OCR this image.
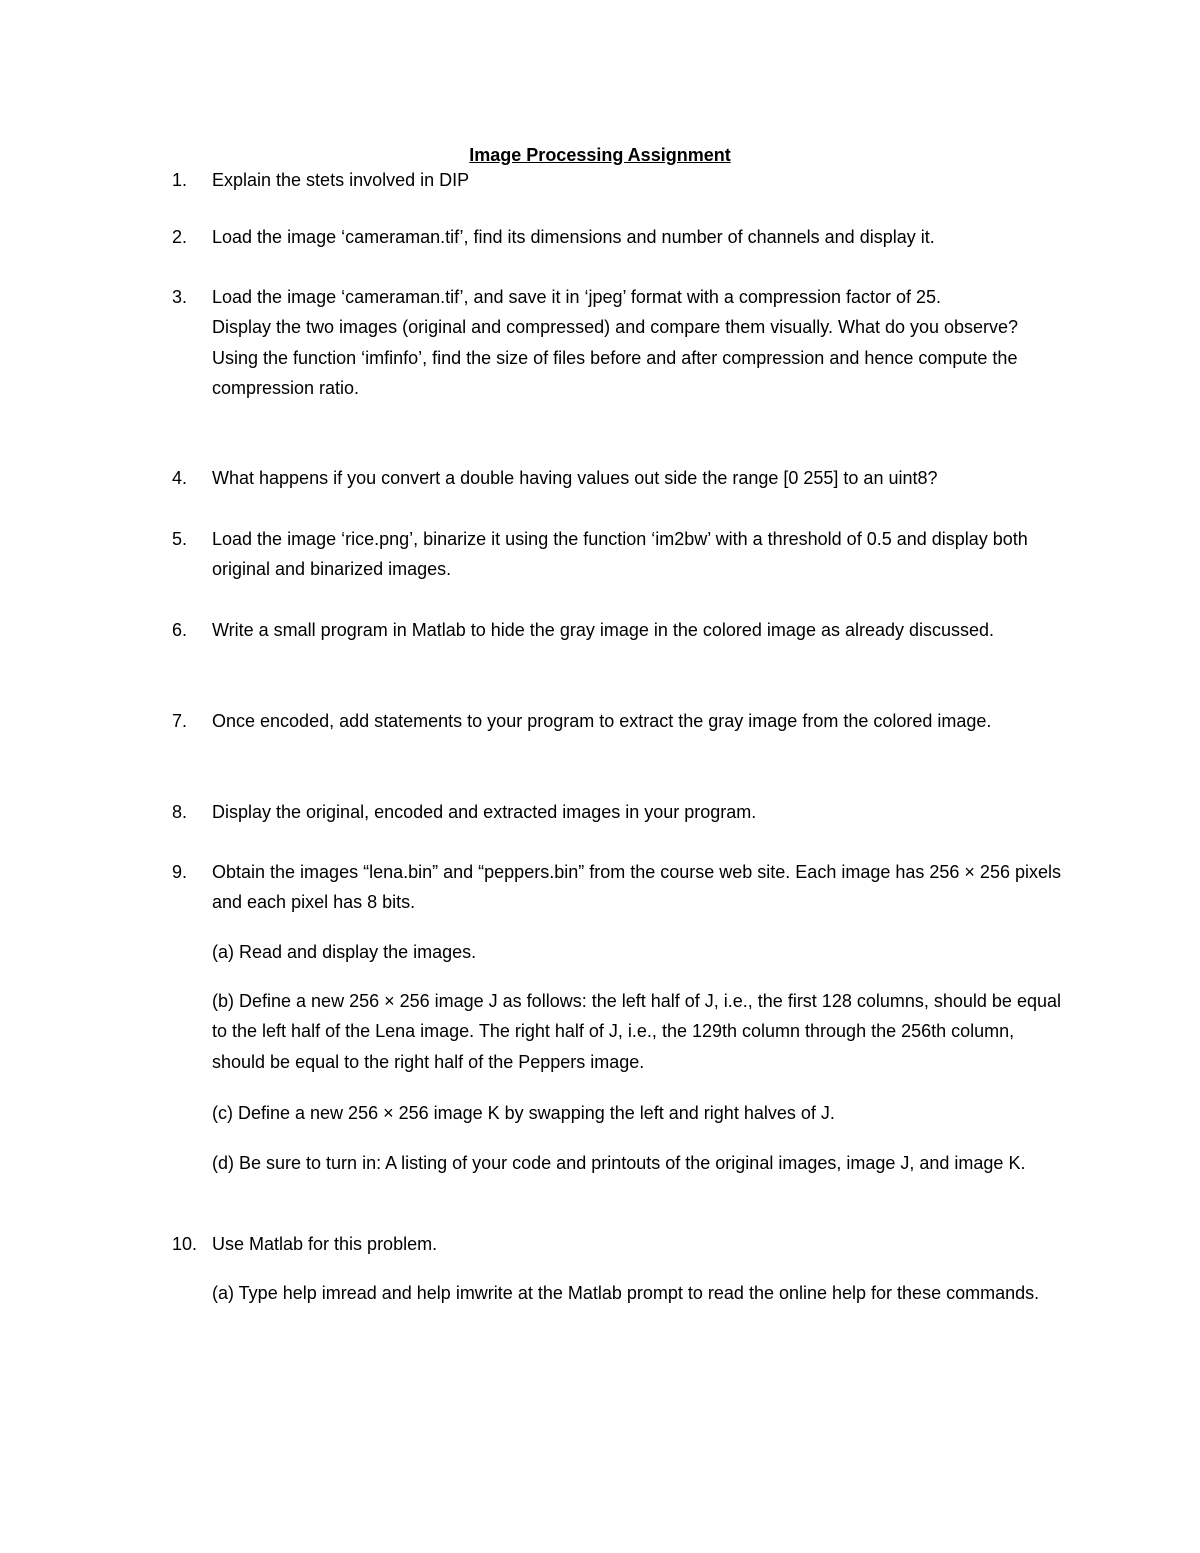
Image Processing Assignment
1.	Explain the stets involved in DIP
2.	Load the image ‘cameraman.tif’, find its dimensions and number of channels and display it.
3.	Load the image ‘cameraman.tif’, and save it in ‘jpeg’ format with a compression factor of 25.
Display the two images (original and compressed) and compare them visually. What do you observe?
Using the function ‘imfinfo’, find the size of files before and after compression and hence compute the compression ratio.
4.	What happens if you convert a double having values out side the range [0 255] to an uint8?
5.	Load the image ‘rice.png’, binarize it using the function ‘im2bw’ with a threshold of 0.5 and display both original and binarized images.
6.	Write a small program in Matlab to hide the gray image in the colored image as already discussed.
7.	Once encoded, add statements to your program to extract the gray image from the colored image.
8.	Display the original, encoded and extracted images in your program.
9.	Obtain the images “lena.bin” and “peppers.bin” from the course web site. Each image has 256 × 256 pixels and each pixel has 8 bits.
(a) Read and display the images.
(b) Define a new 256 × 256 image J as follows: the left half of J, i.e., the first 128 columns, should be equal to the left half of the Lena image. The right half of J, i.e., the 129th column through the 256th column, should be equal to the right half of the Peppers image.
(c) Define a new 256 × 256 image K by swapping the left and right halves of J.
(d) Be sure to turn in: A listing of your code and printouts of the original images, image J, and image K.
10. Use Matlab for this problem.
(a) Type help imread and help imwrite at the Matlab prompt to read the online help for these commands.
